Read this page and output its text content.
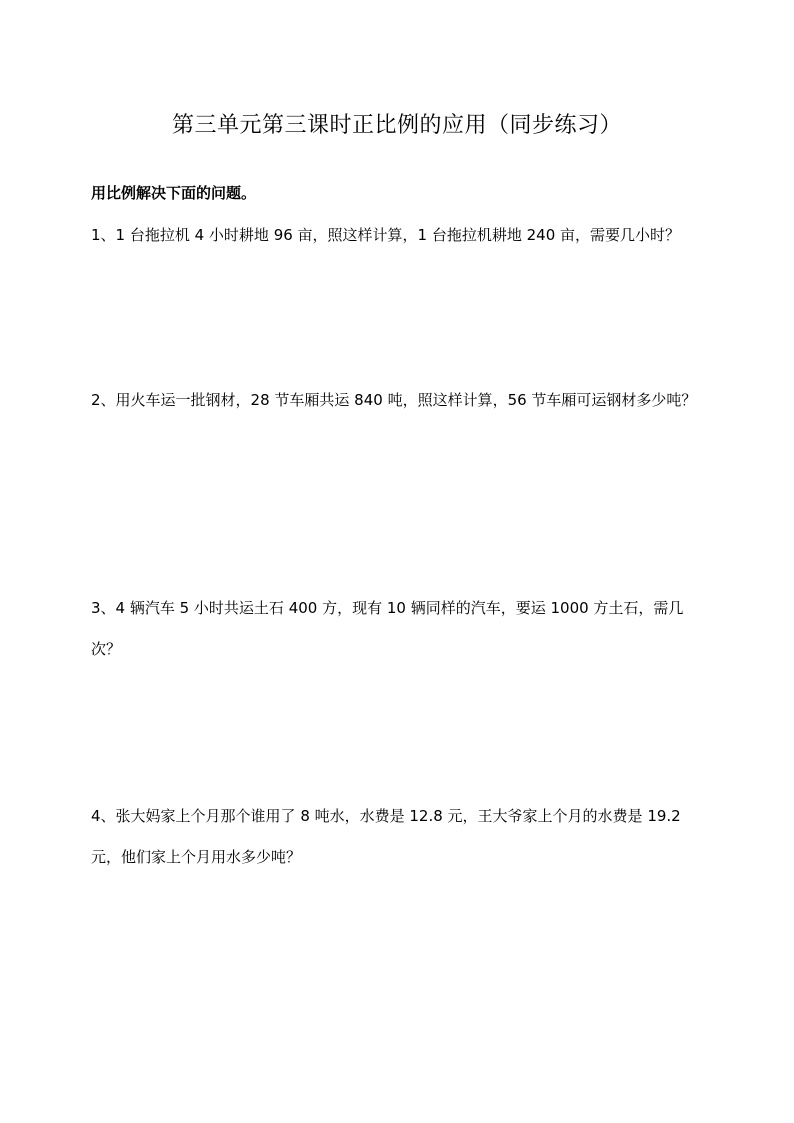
第三单元第三课时正比例的应用（同步练习）

用比例解决下面的问题。

1、1 台拖拉机 4 小时耕地 96 亩，照这样计算，1 台拖拉机耕地 240 亩，需要几小时？

2、用火车运一批钢材，28 节车厢共运 840 吨，照这样计算，56 节车厢可运钢材多少吨？

3、4 辆汽车 5 小时共运土石 400 方，现有 10 辆同样的汽车，要运 1000 方土石，需几次？

4、张大妈家上个月那个谁用了 8 吨水，水费是 12.8 元，王大爷家上个月的水费是 19.2 元，他们家上个月用水多少吨？
